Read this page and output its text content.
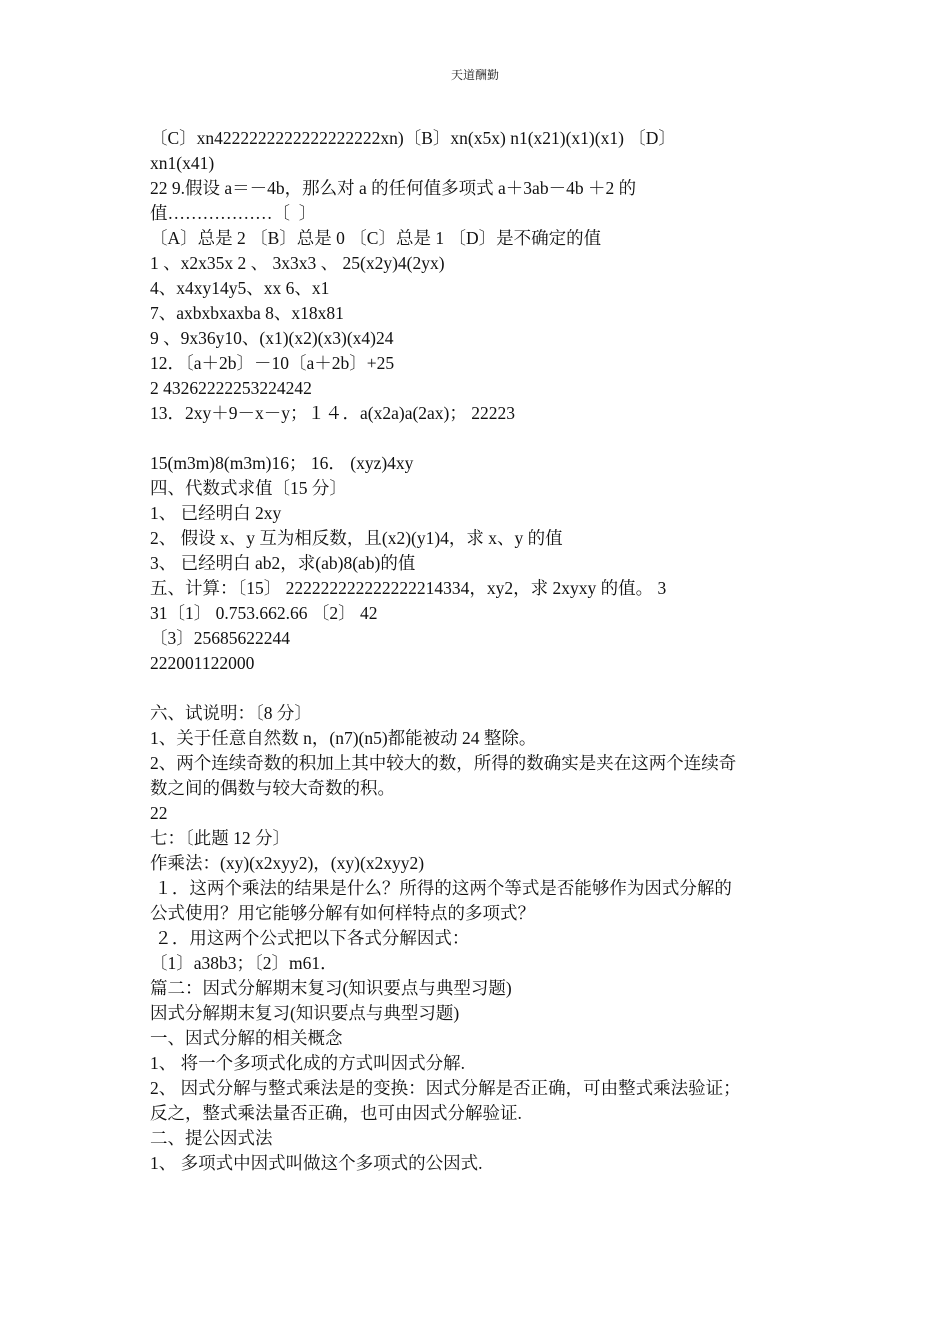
天道酬勤
〔C〕xn4222222222222222222xn)〔B〕xn(x5x) n1(x21)(x1)(x1) 〔D〕
xn1(x41)
22 9.假设 a＝－4b，那么对 a 的任何值多项式 a＋3ab－4b ＋2 的
值………………〔  〕
〔A〕总是 2 〔B〕总是 0 〔C〕总是 1 〔D〕是不确定的值
1 、x2x35x 2 、 3x3x3 、 25(x2y)4(2yx)
4、x4xy14y5、xx 6、x1
7、axbxbxaxba 8、x18x81
9 、9x36y10、(x1)(x2)(x3)(x4)24
12．〔a＋2b〕－10〔a＋2b〕+25
2 43262222253224242
13．2xy＋9－x－y；１４．a(x2a)a(2ax)； 22223
15(m3m)8(m3m)16； 16． (xyz)4xy
四、代数式求值〔15 分〕
1、 已经明白 2xy
2、 假设 x、y 互为相反数，且(x2)(y1)4，求 x、y 的值
3、 已经明白 ab2，求(ab)8(ab)的值
五、计算：〔15〕 222222222222222214334，xy2，求 2xyxy 的值。 3
31〔1〕 0.753.662.66 〔2〕 42
〔3〕25685622244
222001122000
六、试说明：〔8 分〕
1、关于任意自然数 n，(n7)(n5)都能被动 24 整除。
2、两个连续奇数的积加上其中较大的数，所得的数确实是夹在这两个连续奇
数之间的偶数与较大奇数的积。
22
七：〔此题 12 分〕
作乘法：(xy)(x2xyy2)，(xy)(x2xyy2)
１．这两个乘法的结果是什么？所得的这两个等式是否能够作为因式分解的
公式使用？用它能够分解有如何样特点的多项式？
２．用这两个公式把以下各式分解因式：
〔1〕a38b3；〔2〕m61．
篇二：因式分解期末复习(知识要点与典型习题)
因式分解期末复习(知识要点与典型习题)
一、因式分解的相关概念
1、 将一个多项式化成的方式叫因式分解.
2、 因式分解与整式乘法是的变换：因式分解是否正确，可由整式乘法验证；
反之，整式乘法量否正确，也可由因式分解验证.
二、提公因式法
1、 多项式中因式叫做这个多项式的公因式.
